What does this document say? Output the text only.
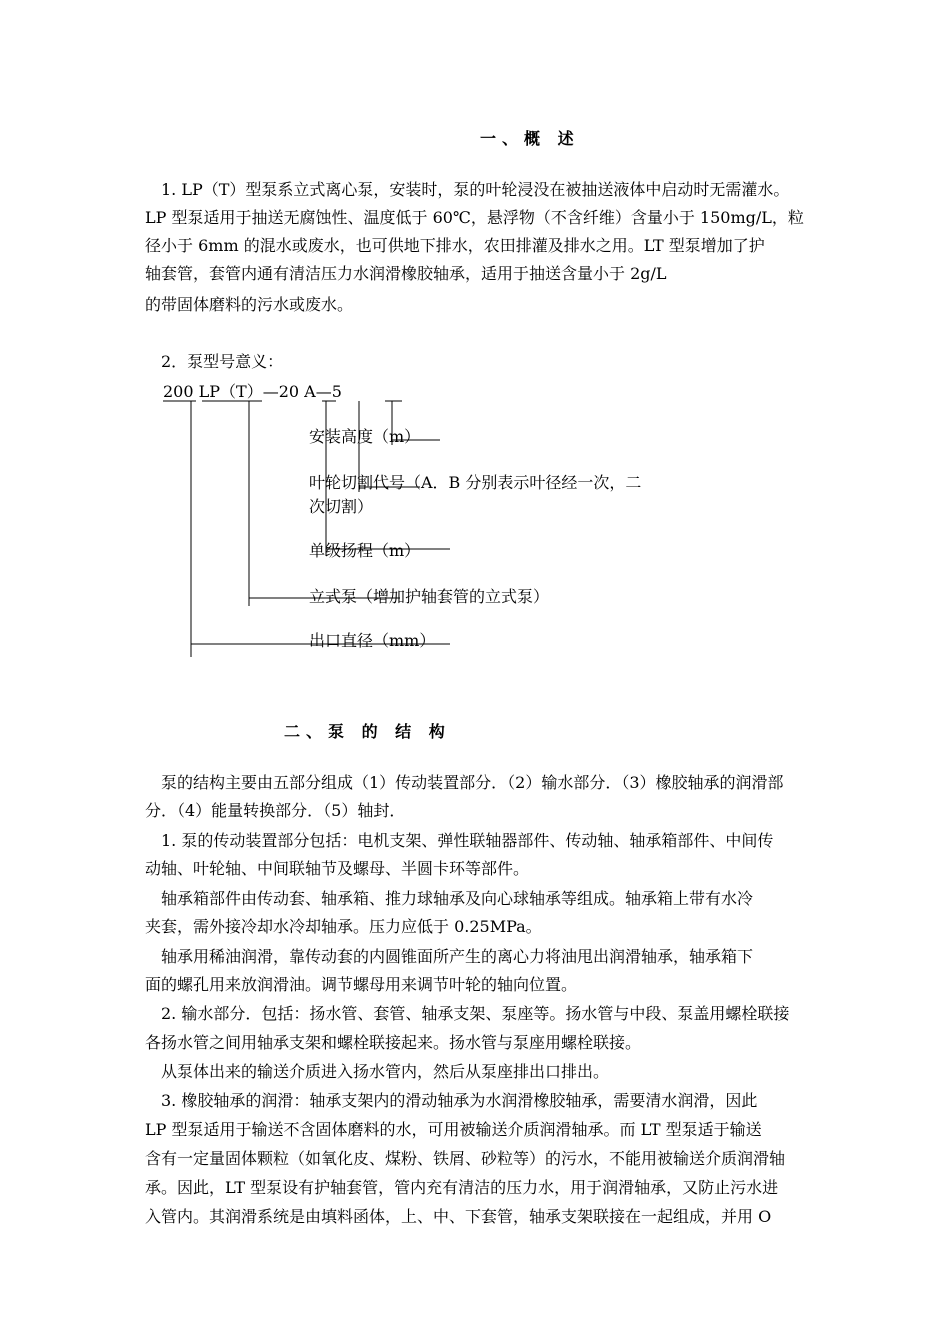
一、概 述
　1. LP（T）型泵系立式离心泵，安装时，泵的叶轮浸没在被抽送液体中启动时无需灌水。
LP 型泵适用于抽送无腐蚀性、温度低于 60℃，悬浮物（不含纤维）含量小于 150mg/L，粒
径小于 6mm 的混水或废水，也可供地下排水，农田排灌及排水之用。LT 型泵增加了护
轴套管，套管内通有清洁压力水润滑橡胶轴承，适用于抽送含量小于 2g/L
的带固体磨料的污水或废水。
　2．泵型号意义：
200 LP（T）—20 A—5
安装高度（m）
叶轮切割代号（A．B 分别表示叶径经一次，二
次切割）
单级扬程（m）
立式泵（增加护轴套管的立式泵）
出口直径（mm）
二、泵 的 结 构
　泵的结构主要由五部分组成（1）传动装置部分．（2）输水部分．（3）橡胶轴承的润滑部
分．（4）能量转换部分．（5）轴封．
　1. 泵的传动装置部分包括：电机支架、弹性联轴器部件、传动轴、轴承箱部件、中间传
动轴、叶轮轴、中间联轴节及螺母、半圆卡环等部件。
　轴承箱部件由传动套、轴承箱、推力球轴承及向心球轴承等组成。轴承箱上带有水冷
夹套，需外接冷却水冷却轴承。压力应低于 0.25MPa。
　轴承用稀油润滑，靠传动套的内圆锥面所产生的离心力将油甩出润滑轴承，轴承箱下
面的螺孔用来放润滑油。调节螺母用来调节叶轮的轴向位置。
　2. 输水部分．包括：扬水管、套管、轴承支架、泵座等。扬水管与中段、泵盖用螺栓联接
各扬水管之间用轴承支架和螺栓联接起来。扬水管与泵座用螺栓联接。
　从泵体出来的输送介质进入扬水管内，然后从泵座排出口排出。
　3. 橡胶轴承的润滑：轴承支架内的滑动轴承为水润滑橡胶轴承，需要清水润滑，因此
LP 型泵适用于输送不含固体磨料的水，可用被输送介质润滑轴承。而 LT 型泵适于输送
含有一定量固体颗粒（如氧化皮、煤粉、铁屑、砂粒等）的污水，不能用被输送介质润滑轴
承。因此，LT 型泵设有护轴套管，管内充有清洁的压力水，用于润滑轴承，又防止污水进
入管内。其润滑系统是由填料函体，上、中、下套管，轴承支架联接在一起组成，并用 O
